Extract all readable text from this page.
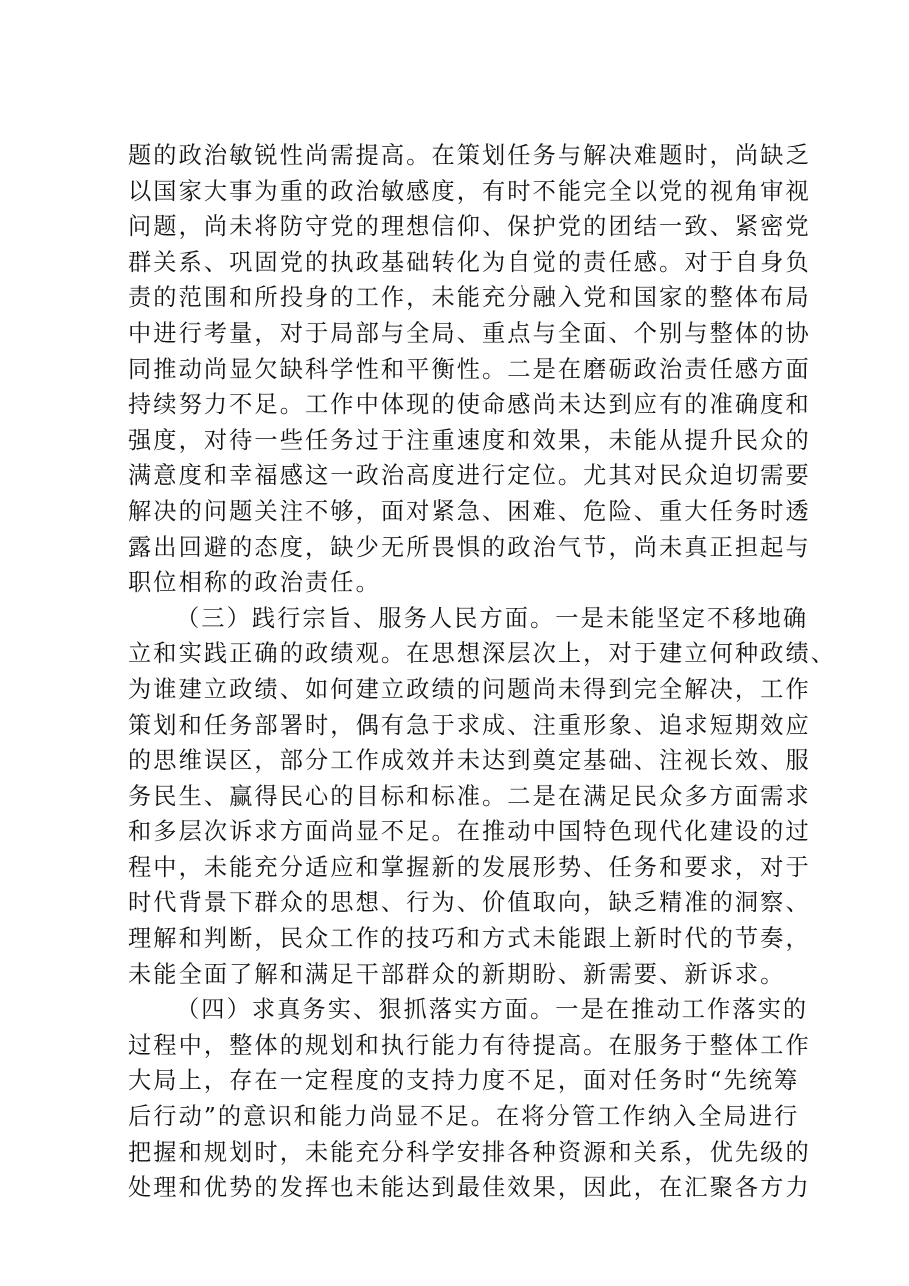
题的政治敏锐性尚需提高。在策划任务与解决难题时，尚缺乏
以国家大事为重的政治敏感度，有时不能完全以党的视角审视
问题，尚未将防守党的理想信仰、保护党的团结一致、紧密党
群关系、巩固党的执政基础转化为自觉的责任感。对于自身负
责的范围和所投身的工作，未能充分融入党和国家的整体布局
中进行考量，对于局部与全局、重点与全面、个别与整体的协
同推动尚显欠缺科学性和平衡性。二是在磨砺政治责任感方面
持续努力不足。工作中体现的使命感尚未达到应有的准确度和
强度，对待一些任务过于注重速度和效果，未能从提升民众的
满意度和幸福感这一政治高度进行定位。尤其对民众迫切需要
解决的问题关注不够，面对紧急、困难、危险、重大任务时透
露出回避的态度，缺少无所畏惧的政治气节，尚未真正担起与
职位相称的政治责任。
（三）践行宗旨、服务人民方面。一是未能坚定不移地确
立和实践正确的政绩观。在思想深层次上，对于建立何种政绩、
为谁建立政绩、如何建立政绩的问题尚未得到完全解决，工作
策划和任务部署时，偶有急于求成、注重形象、追求短期效应
的思维误区，部分工作成效并未达到奠定基础、注视长效、服
务民生、赢得民心的目标和标准。二是在满足民众多方面需求
和多层次诉求方面尚显不足。在推动中国特色现代化建设的过
程中，未能充分适应和掌握新的发展形势、任务和要求，对于
时代背景下群众的思想、行为、价值取向，缺乏精准的洞察、
理解和判断，民众工作的技巧和方式未能跟上新时代的节奏，
未能全面了解和满足干部群众的新期盼、新需要、新诉求。
（四）求真务实、狠抓落实方面。一是在推动工作落实的
过程中，整体的规划和执行能力有待提高。在服务于整体工作
大局上，存在一定程度的支持力度不足，面对任务时“先统筹
后行动”的意识和能力尚显不足。在将分管工作纳入全局进行
把握和规划时，未能充分科学安排各种资源和关系，优先级的
处理和优势的发挥也未能达到最佳效果，因此，在汇聚各方力
